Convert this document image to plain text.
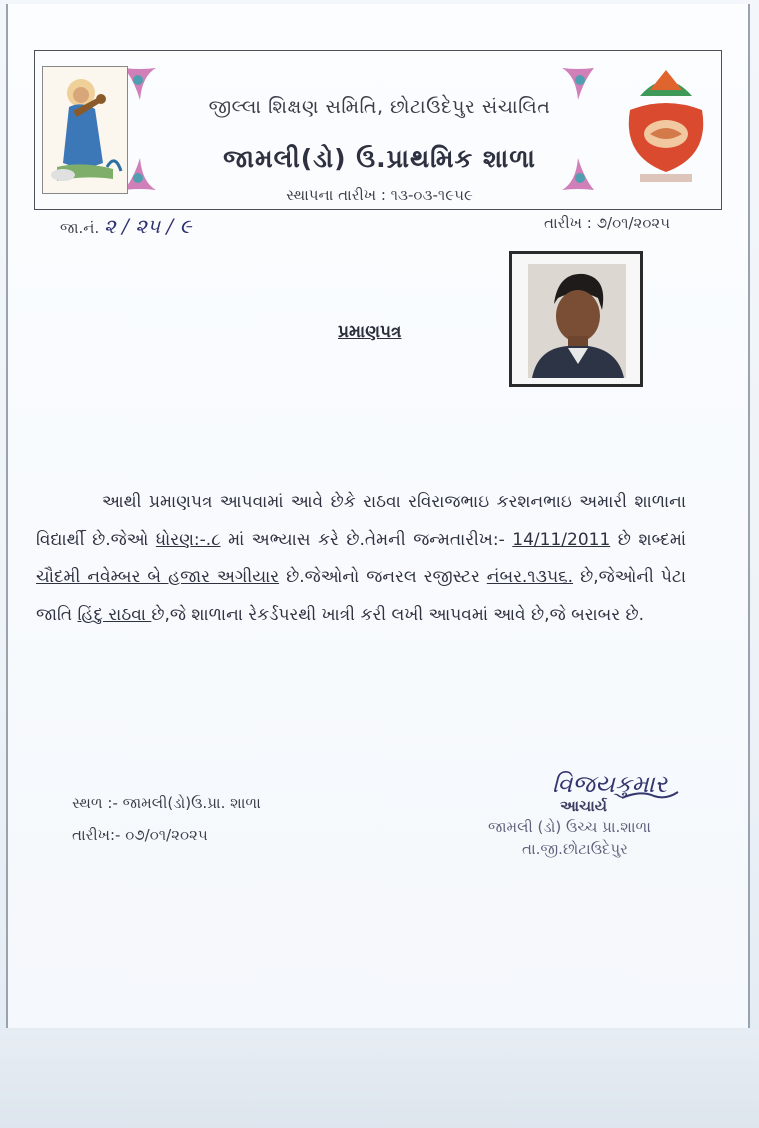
જીલ્લા શિક્ષણ સમિતિ, છોટાઉદેપુર સંચાલિત
જામલી(ડો) ઉ.પ્રાથમિક શાળા
સ્થાપના તારીખ : ૧૩-૦૩-૧૯૫૯
જા.નં. ૨ / ૨૫ / ૯	તારીખ : ૭/૦૧/૨૦૨૫
પ્રમાણપત્ર
આથી પ્રમાણપત્ર આપવામાં આવે છેકે રાઠવા રવિરાજભાઇ કરશનભાઇ અમારી શાળાના વિદ્યાર્થી છે.જેઓ ધોરણ:-.૮ માં અભ્યાસ કરે છે.તેમની જન્મતારીખ:- 14/11/2011 છે શબ્દમાં ચૌદમી નવેમ્બર બે હજાર અગીયાર છે.જેઓનો જનરલ રજીસ્ટર નંબર.૧૩૫૬. છે,જેઓની પેટા જાતિ હિંદુ રાઠવા છે,જે શાળાના રેકર્ડપરથી ખાત્રી કરી લખી આપવમાં આવે છે,જે બરાબર છે.
સ્થળ :- જામલી(ડો)ઉ.પ્રા. શાળા
તારીખ:- ૦૭/૦૧/૨૦૨૫
વિજયકુમાર
આચાર્ય
જામલી (ડો) ઉચ્ચ પ્રા.શાળા
તા.જી.છોટાઉદેપુર
